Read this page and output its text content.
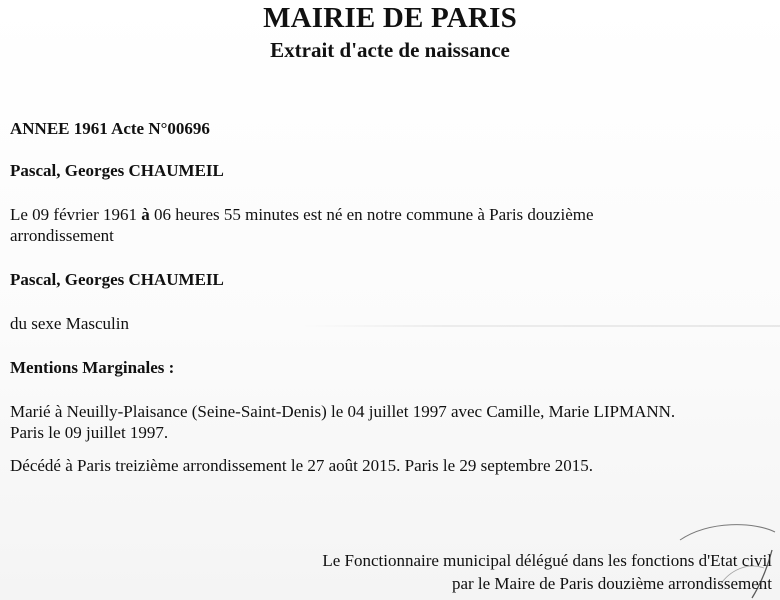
MAIRIE DE PARIS
Extrait d'acte de naissance
ANNEE 1961 Acte N°00696
Pascal, Georges CHAUMEIL
Le 09 février 1961 à 06 heures 55 minutes est né en notre commune à Paris douzième
arrondissement
Pascal, Georges CHAUMEIL
du sexe Masculin
Mentions Marginales :
Marié à Neuilly-Plaisance (Seine-Saint-Denis) le 04 juillet 1997 avec Camille, Marie LIPMANN.
Paris le 09 juillet 1997.
Décédé à Paris treizième arrondissement le 27 août 2015. Paris le 29 septembre 2015.
Le Fonctionnaire municipal délégué dans les fonctions d'Etat civil
par le Maire de Paris douzième arrondissement
